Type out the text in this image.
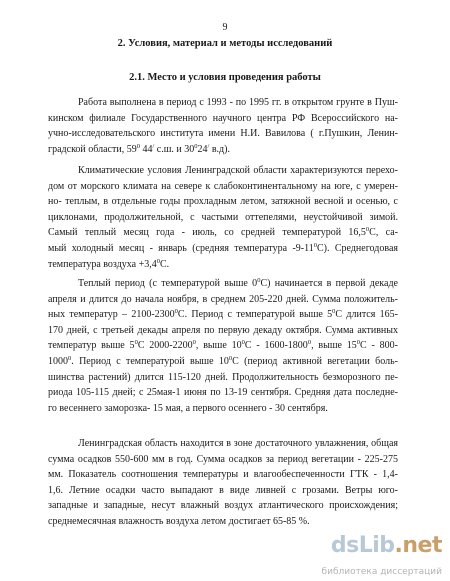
9
2. Условия, материал и методы исследований
2.1. Место и условия проведения работы
Работа выполнена в период с 1993 - по 1995 гг. в открытом грунте в Пуш-
кинском филиале Государственного научного центра РФ Всероссийского на-
учно-исследовательского института имени Н.И. Вавилова ( г.Пушкин, Ленин-
градской области, $59^0$ 44/ с.ш. и $30^024^/$ в.д).
Климатические условия Ленинградской области характеризуются перехо-
дом от морского климата на севере к слабоконтинентальному на юге, с умерен-
но- теплым, в отдельные годы прохладным летом, затяжной весной и осенью, с
циклонами, продолжительной, с частыми оттепелями, неустойчивой зимой.
Самый теплый месяц года - июль, со средней температурой 16,5$^0$С, са-
мый холодный месяц - январь (средняя температура $-9-11^0С$). Среднегодовая
температура воздуха $+3,4^0С$.
Теплый период (с температурой выше $0^0С$) начинается в первой декаде
апреля и длится до начала ноября, в среднем 205-220 дней. Сумма положитель-
ных температур – 2100-2300$^0$С. Период с температурой выше $5^0С$ длится 165-
170 дней, с третьей декады апреля по первую декаду октября. Сумма активных
температур выше $5^0С$ 2000-2200$^0$, выше $10^0С - 1600-1800^0$, выше $15^0С - 800-$
1000$^0$. Период с температурой выше $10^0С$ (период активной вегетации боль-
шинства растений) длится 115-120 дней. Продолжительность безморозного пе-
риода 105-115 дней; с 25мая-1 июня по 13-19 сентября. Средняя дата последне-
го весеннего заморозка- 15 мая, а первого осеннего - 30 сентября.
Ленинградская область находится в зоне достаточного увлажнения, общая
сумма осадков 550-600 мм в год. Сумма осадков за период вегетации - 225-275
мм. Показатель соотношения температуры и влагообеспеченности ГТК - 1,4-
1,6. Летние осадки часто выпадают в виде ливней с грозами. Ветры юго-
западные и западные, несут влажный воздух атлантического происхождения;
среднемесячная влажность воздуха летом достигает 65-85 %.
dsLib.net
библиотека диссертаций
